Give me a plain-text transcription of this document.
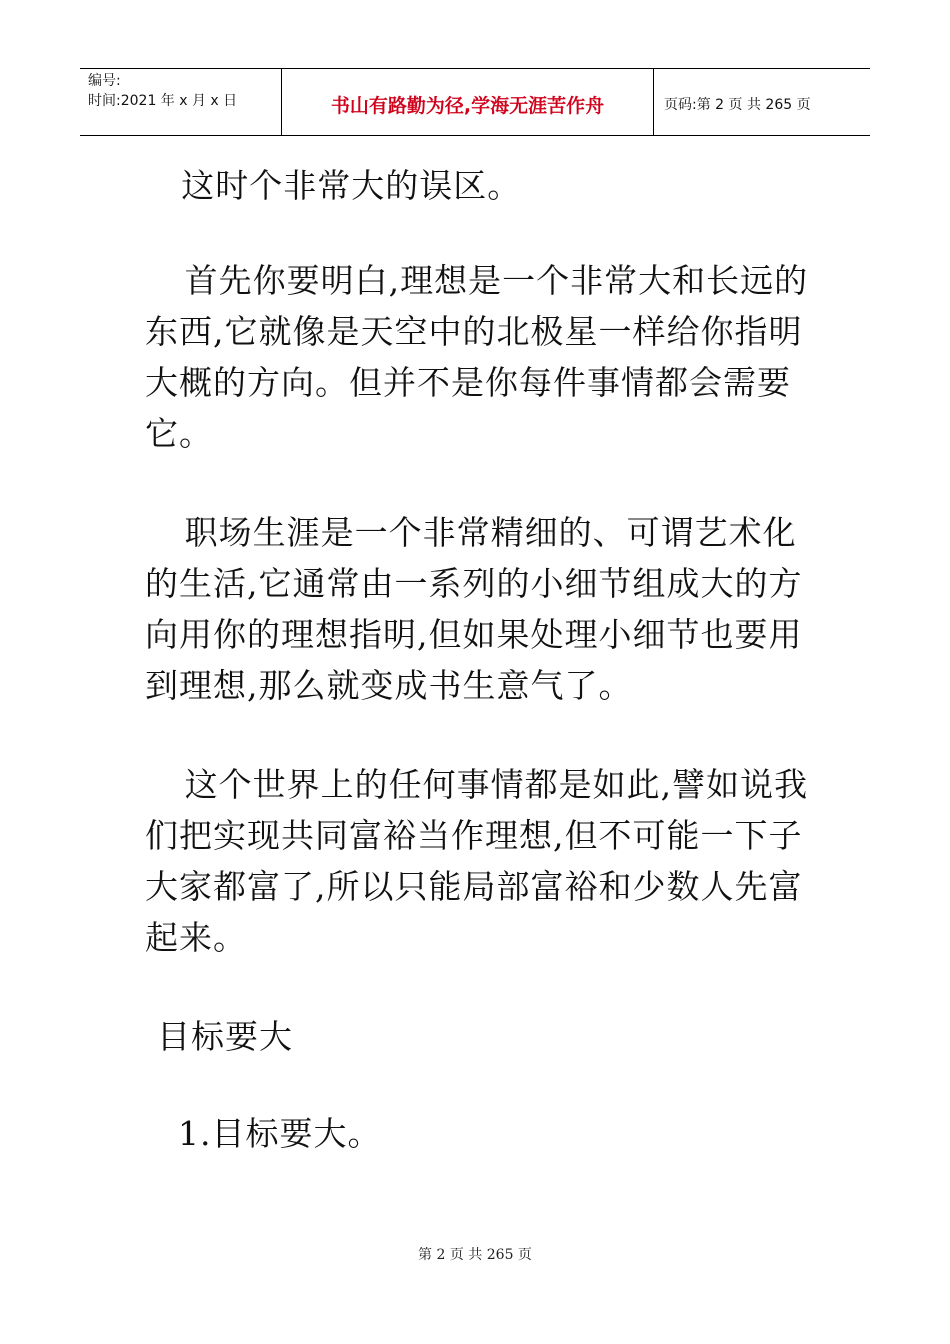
编号:
时间:2021 年 x 月 x 日	书山有路勤为径,学海无涯苦作舟	页码:第 2 页 共 265 页

这时个非常大的误区。

首先你要明白,理想是一个非常大和长远的东西,它就像是天空中的北极星一样给你指明大概的方向。但并不是你每件事情都会需要它。

职场生涯是一个非常精细的、可谓艺术化的生活,它通常由一系列的小细节组成大的方向用你的理想指明,但如果处理小细节也要用到理想,那么就变成书生意气了。

这个世界上的任何事情都是如此,譬如说我们把实现共同富裕当作理想,但不可能一下子大家都富了,所以只能局部富裕和少数人先富起来。

目标要大

1.目标要大。

第 2 页 共 265 页
